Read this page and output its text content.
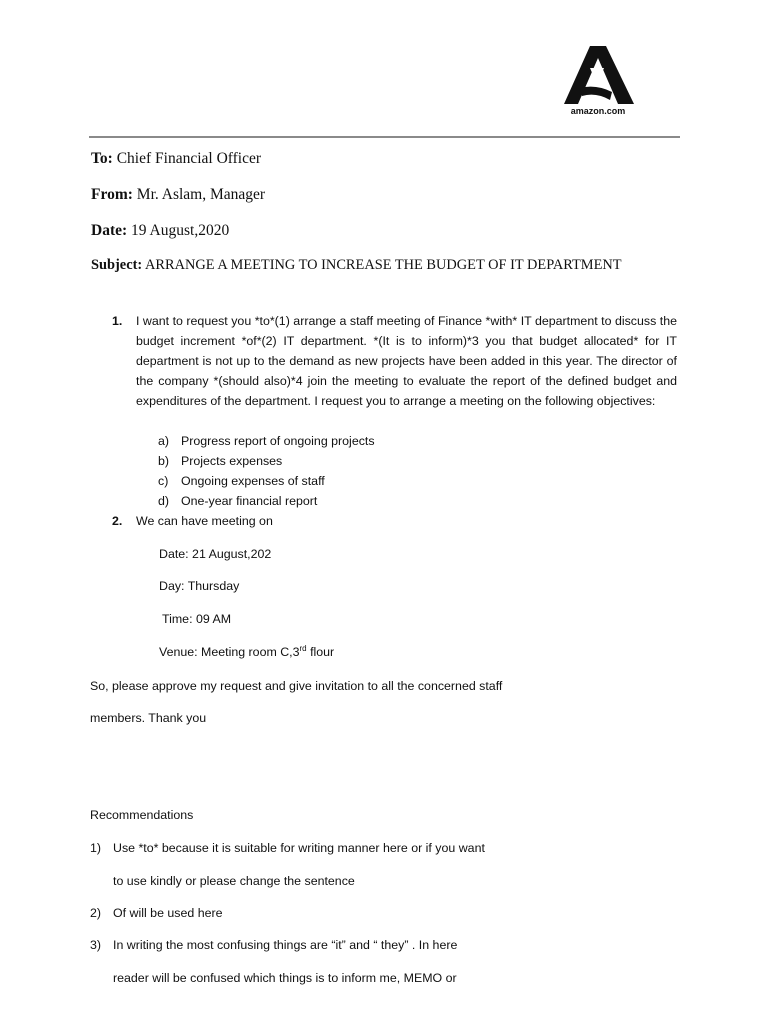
amazon.com
To: Chief Financial Officer
From: Mr. Aslam, Manager
Date: 19 August,2020
Subject: ARRANGE A MEETING TO INCREASE THE BUDGET OF IT DEPARTMENT
1. I want to request you *to*(1) arrange a staff meeting of Finance *with* IT department to discuss the budget increment *of*(2) IT department. *(It is to inform)*3 you that budget allocated* for IT department is not up to the demand as new projects have been added in this year. The director of the company *(should also)*4 join the meeting to evaluate the report of the defined budget and expenditures of the department. I request you to arrange a meeting on the following objectives:
a) Progress report of ongoing projects
b) Projects expenses
c) Ongoing expenses of staff
d) One-year financial report
2. We can have meeting on
Date: 21 August,202
Day: Thursday
Time: 09 AM
Venue: Meeting room C,3rd flour
So, please approve my request and give invitation to all the concerned staff
members. Thank you
Recommendations
1) Use *to* because it is suitable for writing manner here or if you want
to use kindly or please change the sentence
2) Of will be used here
3) In writing the most confusing things are “it” and “ they” . In here
reader will be confused which things is to inform me, MEMO or
